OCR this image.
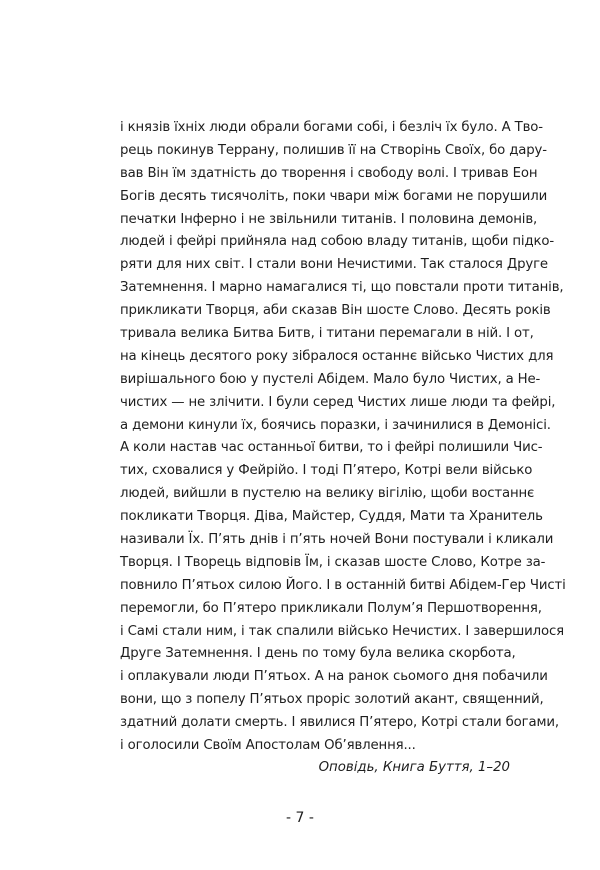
і князів їхніх люди обрали богами собі, і безліч їх було. А Тво-
рець покинув Террану, полишив її на Створінь Своїх, бо дару-
вав Він їм здатність до творення і свободу волі. І тривав Еон
Богів десять тисячоліть, поки чвари між богами не порушили
печатки Інферно і не звільнили титанів. І половина демонів,
людей і фейрі прийняла над собою владу титанів, щоби підко-
ряти для них світ. І стали вони Нечистими. Так сталося Друге
Затемнення. І марно намагалися ті, що повстали проти титанів,
прикликати Творця, аби сказав Він шосте Слово. Десять років
тривала велика Битва Битв, і титани перемагали в ній. І от,
на кінець десятого року зібралося останнє військо Чистих для
вирішального бою у пустелі Абідем. Мало було Чистих, а Не-
чистих — не злічити. І були серед Чистих лише люди та фейрі,
а демони кинули їх, боячись поразки, і зачинилися в Демонісі.
А коли настав час останньої битви, то і фейрі полишили Чис-
тих, сховалися у Фейрійо. І тоді П’ятеро, Котрі вели військо
людей, вийшли в пустелю на велику вігілію, щоби востаннє
покликати Творця. Діва, Майстер, Суддя, Мати та Хранитель
називали Їх. П’ять днів і п’ять ночей Вони постували і кликали
Творця. І Творець відповів Їм, і сказав шосте Слово, Котре за-
повнило П’ятьох силою Його. І в останній битві Абідем-Гер Чисті
перемогли, бо П’ятеро прикликали Полум’я Першотворення,
і Самі стали ним, і так спалили військо Нечистих. І завершилося
Друге Затемнення. І день по тому була велика скорбота,
і оплакували люди П’ятьох. А на ранок сьомого дня побачили
вони, що з попелу П’ятьох проріс золотий акант, священний,
здатний долати смерть. І явилися П’ятеро, Котрі стали богами,
і оголосили Своїм Апостолам Об’явлення...
Оповідь, Книга Буття, 1–20
- 7 -
